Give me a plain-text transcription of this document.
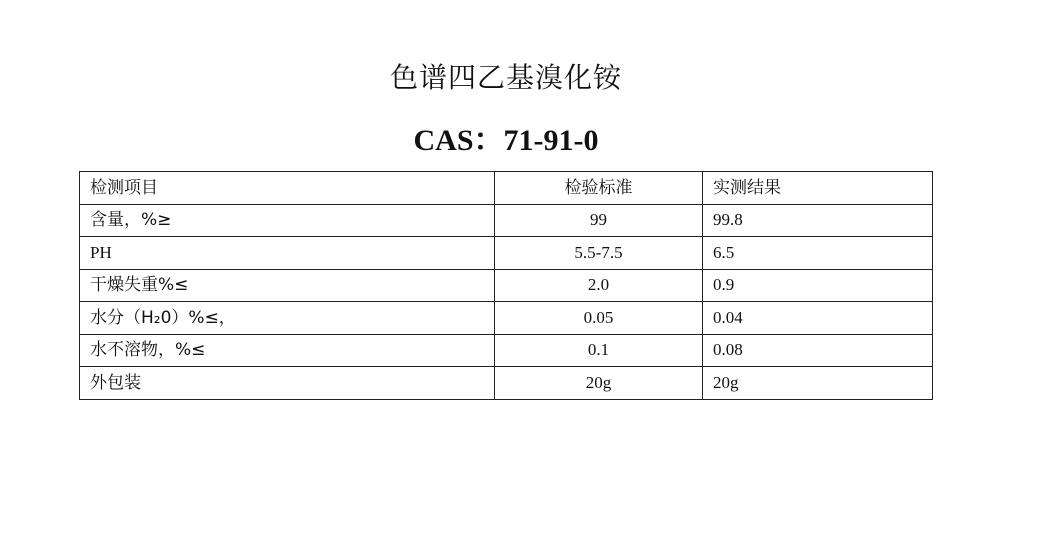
色谱四乙基溴化铵
CAS：71-91-0
检测项目	检验标准	实测结果
含量，%≥	99	99.8
PH	5.5-7.5	6.5
干燥失重%≤	2.0	0.9
水分（H₂0）%≤，	0.05	0.04
水不溶物，%≤	0.1	0.08
外包装	20g	20g
